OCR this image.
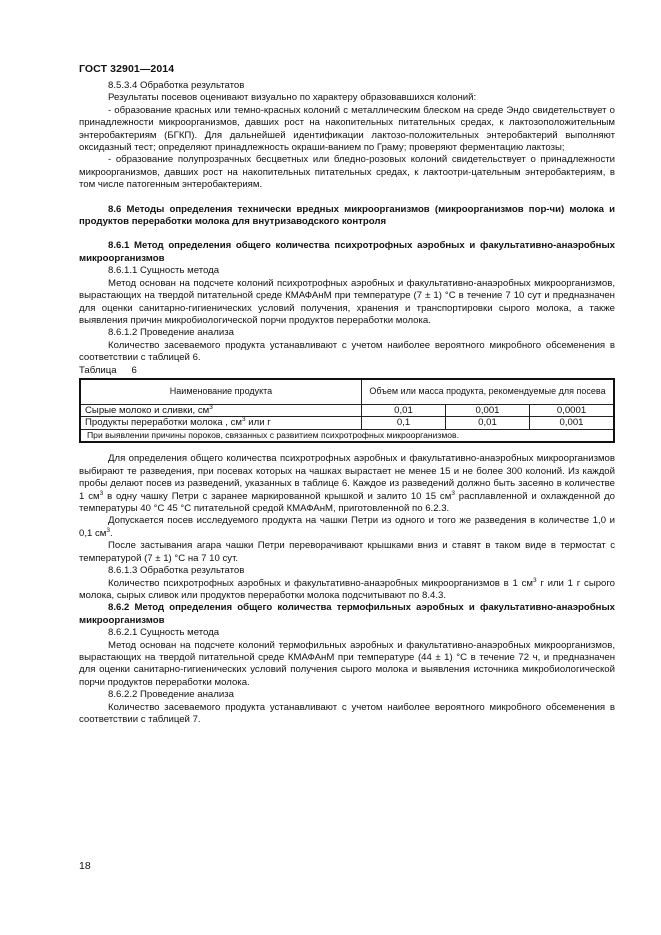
ГОСТ 32901—2014

8.5.3.4 Обработка результатов

Результаты посевов оценивают визуально по характеру образовавшихся колоний:

- образование красных или темно-красных колоний с металлическим блеском на среде Эндо свидетельствует о принадлежности микроорганизмов, давших рост на накопительных питательных средах, к лактозоположительным энтеробактериям (БГКП). Для дальнейшей идентификации лактозо-положительных энтеробактерий выполняют оксидазный тест; определяют принадлежность окраши-ванием по Граму; проверяют ферментацию лактозы;

- образование полупрозрачных бесцветных или бледно-розовых колоний свидетельствует о принадлежности микроорганизмов, давших рост на накопительных питательных средах, к лактоотри-цательным энтеробактериям, в том числе патогенным энтеробактериям.

8.6 Методы определения технически вредных микроорганизмов (микроорганизмов пор-чи) молока и продуктов переработки молока для внутризаводского контроля

8.6.1 Метод определения общего количества психротрофных аэробных и факультативно-анаэробных микроорганизмов

8.6.1.1 Сущность метода

Метод основан на подсчете колоний психротрофных аэробных и факультативно-анаэробных микроорганизмов, вырастающих на твердой питательной среде КМАФАнМ при температуре (7 ± 1) °С в течение 7 10 сут и предназначен для оценки санитарно-гигиенических условий получения, хранения и транспортировки сырого молока, а также выявления причин микробиологической порчи продуктов переработки молока.

8.6.1.2 Проведение анализа

Количество засеваемого продукта устанавливают с учетом наиболее вероятного микробного обсеменения в соответствии с таблицей 6.

Таблица 6

Наименование продукта	Объем или масса продукта, рекомендуемые для посева		
Сырые молоко и сливки, $см^3$	0,01	0,001	0,0001
Продукты переработки молока , $см^3$ или г	0,1	0,01	0,001
При выявлении причины пороков, связанных с развитием психротрофных микроорганизмов.			

Для определения общего количества психротрофных аэробных и факультативно-анаэробных микроорганизмов выбирают те разведения, при посевах которых на чашках вырастает не менее 15 и не более 300 колоний. Из каждой пробы делают посев из разведений, указанных в таблице 6. Каждое из разведений должно быть засеяно в количестве 1 $см^3$ в одну чашку Петри с заранее маркированной крышкой и залито 10 15 $см^3$ расплавленной и охлажденной до температуры 40 °С 45 °С питательной средой КМАФАнМ, приготовленной по 6.2.3.

Допускается посев исследуемого продукта на чашки Петри из одного и того же разведения в количестве 1,0 и 0,1 $см^3$.

После застывания агара чашки Петри переворачивают крышками вниз и ставят в таком виде в термостат с температурой (7 ± 1) °С на 7 10 сут.

8.6.1.3 Обработка результатов

Количество психротрофных аэробных и факультативно-анаэробных микроорганизмов в 1 $см^3$ г или 1 г сырого молока, сырых сливок или продуктов переработки молока подсчитывают по 8.4.3.

8.6.2 Метод определения общего количества термофильных аэробных и факультативно-анаэробных микроорганизмов

8.6.2.1 Сущность метода

Метод основан на подсчете колоний термофильных аэробных и факультативно-анаэробных микроорганизмов, вырастающих на твердой питательной среде КМАФАнМ при температуре (44 ± 1) °С в течение 72 ч, и предназначен для оценки санитарно-гигиенических условий получения сырого молока и выявления источника микробиологической порчи продуктов переработки молока.

8.6.2.2 Проведение анализа

Количество засеваемого продукта устанавливают с учетом наиболее вероятного микробного обсеменения в соответствии с таблицей 7.

18
